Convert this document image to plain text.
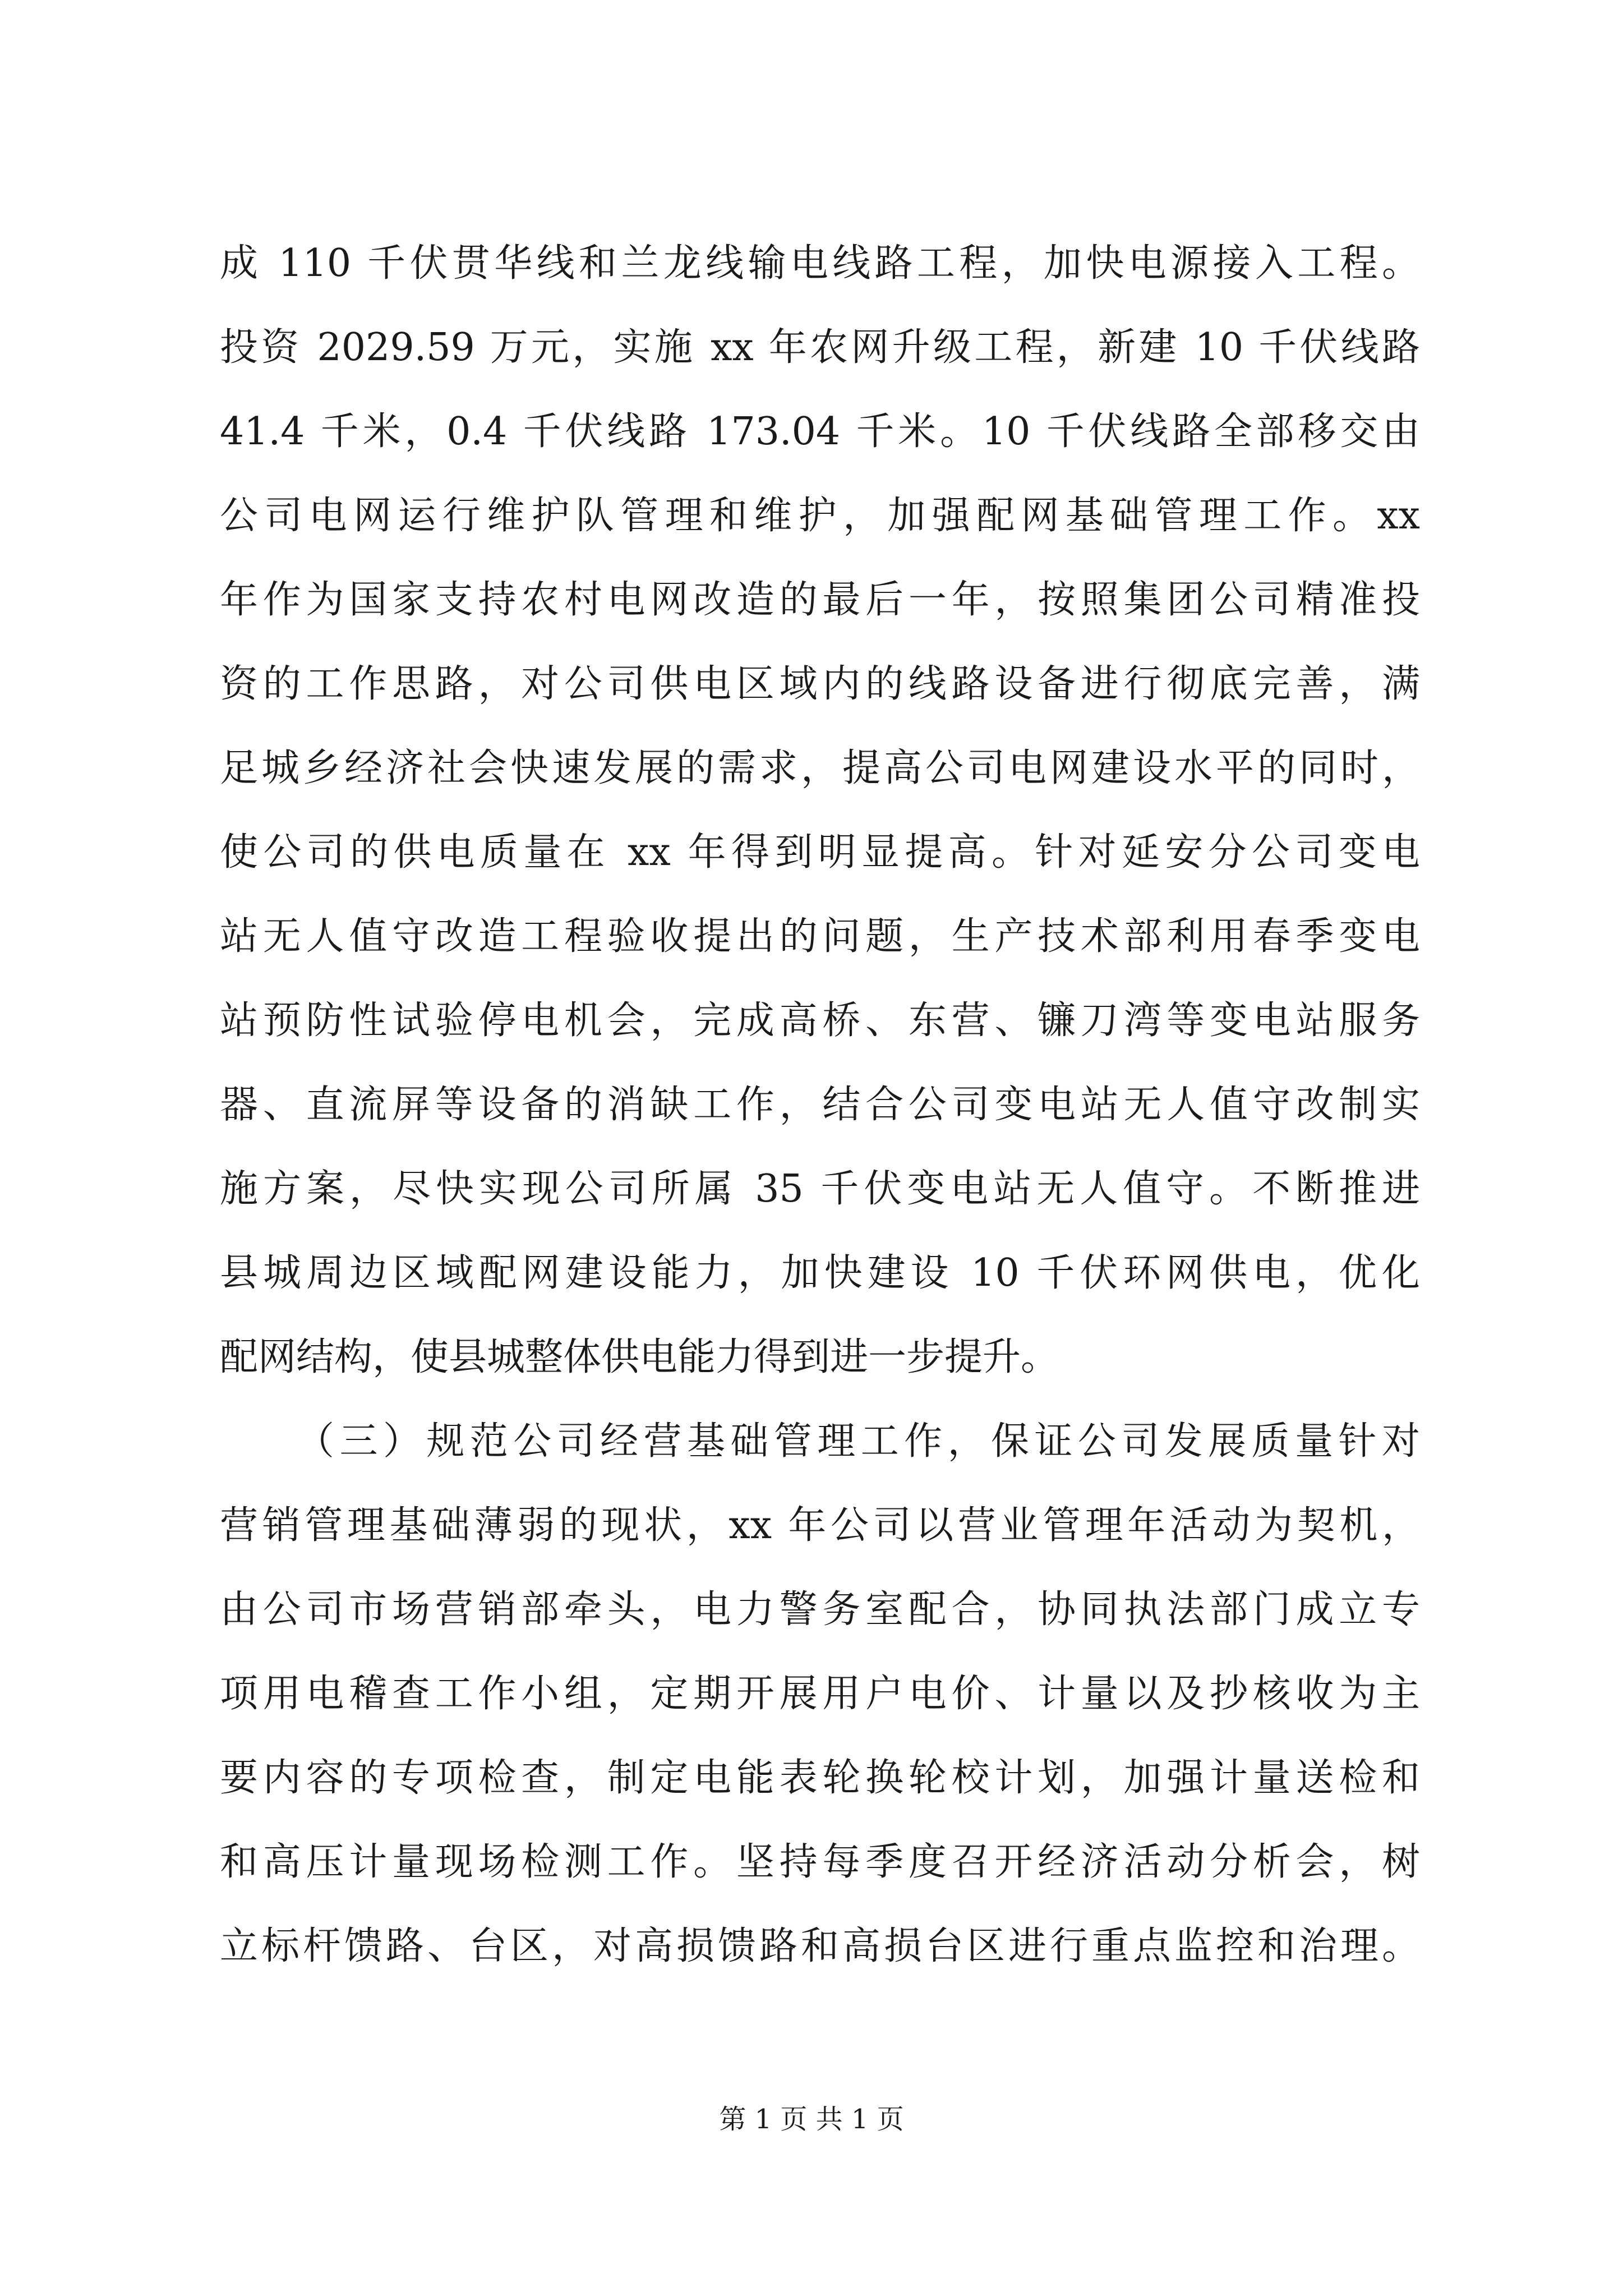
成 110 千伏贯华线和兰龙线输电线路工程，加快电源接入工程。
投资 2029.59 万元，实施 xx 年农网升级工程，新建 10 千伏线路
41.4 千米，0.4 千伏线路 173.04 千米。10 千伏线路全部移交由
公司电网运行维护队管理和维护，加强配网基础管理工作。xx
年作为国家支持农村电网改造的最后一年，按照集团公司精准投
资的工作思路，对公司供电区域内的线路设备进行彻底完善，满
足城乡经济社会快速发展的需求，提高公司电网建设水平的同时，
使公司的供电质量在 xx 年得到明显提高。针对延安分公司变电
站无人值守改造工程验收提出的问题，生产技术部利用春季变电
站预防性试验停电机会，完成高桥、东营、镰刀湾等变电站服务
器、直流屏等设备的消缺工作，结合公司变电站无人值守改制实
施方案，尽快实现公司所属 35 千伏变电站无人值守。不断推进
县城周边区域配网建设能力，加快建设 10 千伏环网供电，优化
配网结构，使县城整体供电能力得到进一步提升。
（三）规范公司经营基础管理工作，保证公司发展质量针对
营销管理基础薄弱的现状，xx 年公司以营业管理年活动为契机，
由公司市场营销部牵头，电力警务室配合，协同执法部门成立专
项用电稽查工作小组，定期开展用户电价、计量以及抄核收为主
要内容的专项检查，制定电能表轮换轮校计划，加强计量送检和
和高压计量现场检测工作。坚持每季度召开经济活动分析会，树
立标杆馈路、台区，对高损馈路和高损台区进行重点监控和治理。
第 1 页 共 1 页
